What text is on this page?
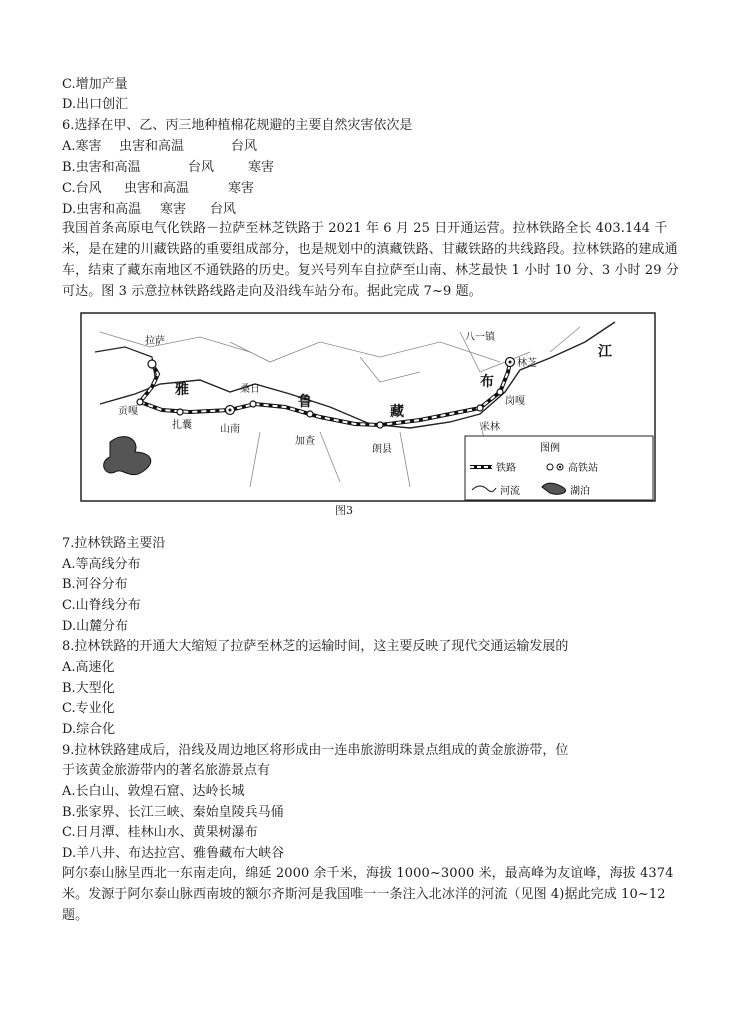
C.增加产量
D.出口创汇
6.选择在甲、乙、丙三地种植棉花规避的主要自然灾害依次是
A.寒害 虫害和高温	台风
B.虫害和高温	台风	寒害
C.台风 虫害和高温	寒害
D.虫害和高温 寒害 台风
我国首条高原电气化铁路－拉萨至林芝铁路于 2021 年 6 月 25 日开通运营。拉林铁路全长 403.144 千米，是在建的川藏铁路的重要组成部分，也是规划中的滇藏铁路、甘藏铁路的共线路段。拉林铁路的建成通车，结束了藏东南地区不通铁路的历史。复兴号列车自拉萨至山南、林芝最快 1 小时 10 分、3 小时 29 分可达。图 3 示意拉林铁路线路走向及沿线车站分布。据此完成 7~9 题。
拉萨
贡嘎
扎囊	山南
桑日
加查
朗县
米林
岗嘎
林芝
八一镇
雅
鲁
藏
布
江
图例
铁路	高铁站
河流	湖泊
图3
7.拉林铁路主要沿
A.等高线分布
B.河谷分布
C.山脊线分布
D.山麓分布
8.拉林铁路的开通大大缩短了拉萨至林芝的运输时间，这主要反映了现代交通运输发展的
A.高速化
B.大型化
C.专业化
D.综合化
9.拉林铁路建成后，沿线及周边地区将形成由一连串旅游明珠景点组成的黄金旅游带，位
于该黄金旅游带内的著名旅游景点有
A.长白山、敦煌石窟、达岭长城
B.张家界、长江三峡、秦始皇陵兵马俑
C.日月潭、桂林山水、黄果树瀑布
D.羊八井、布达拉宫、雅鲁藏布大峡谷
阿尔泰山脉呈西北一东南走向，绵延 2000 余千米，海拔 1000~3000 米，最高峰为友谊峰，海拔 4374 米。发源于阿尔泰山脉西南坡的额尔齐斯河是我国唯一一条注入北冰洋的河流（见图 4)据此完成 10~12 题。
